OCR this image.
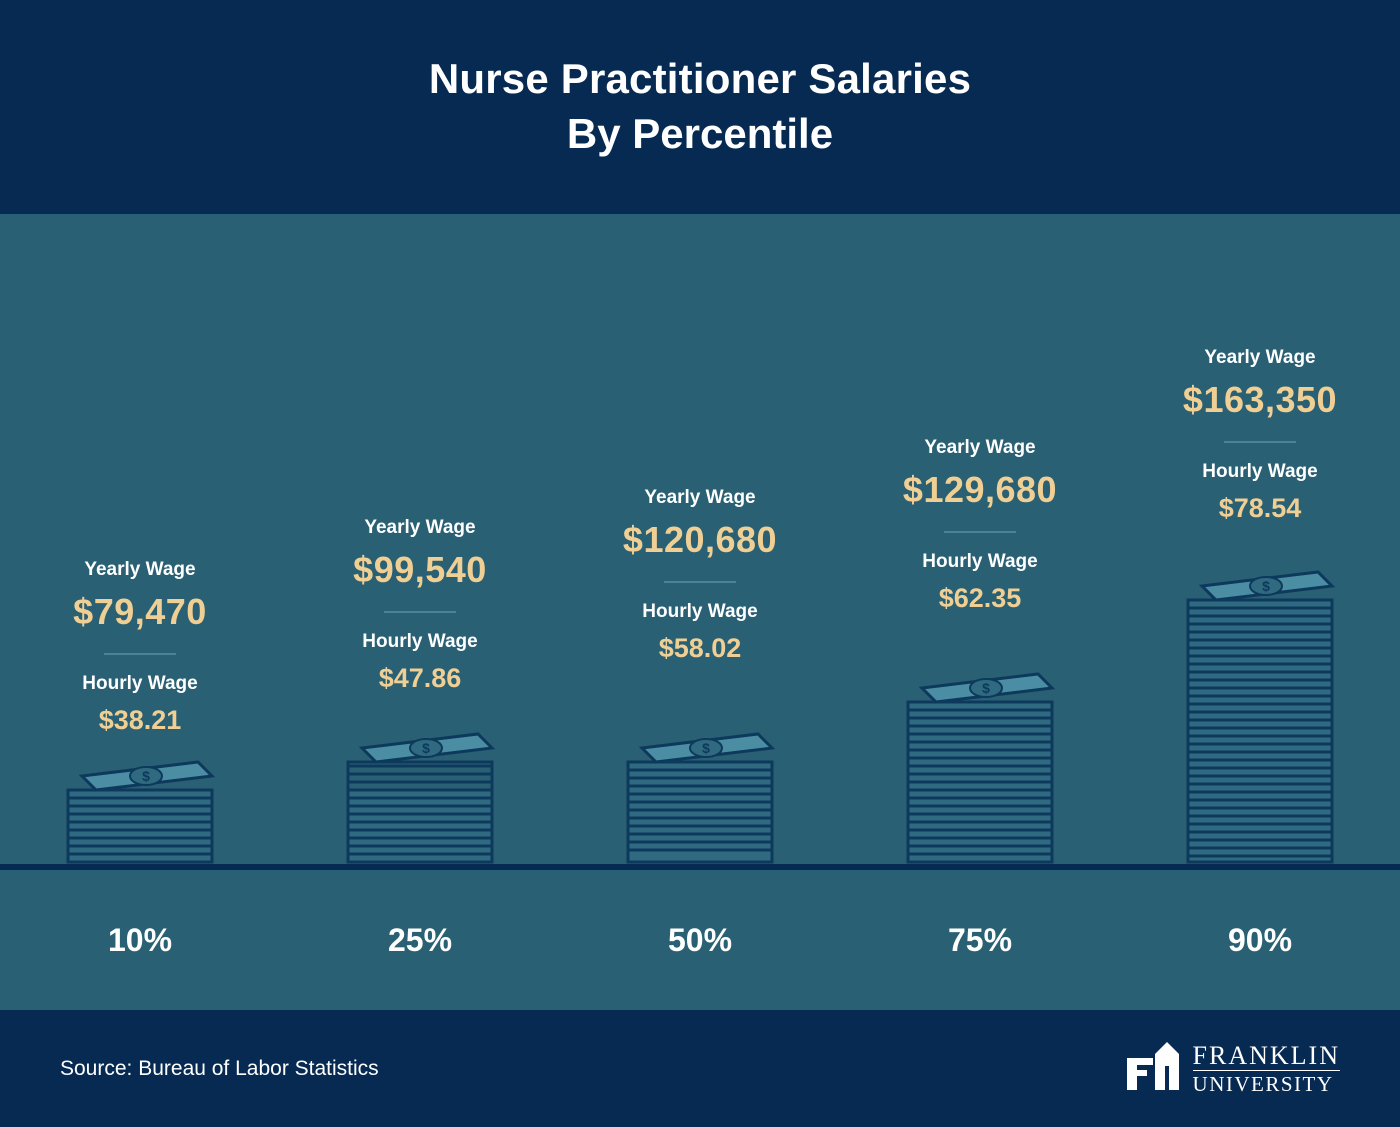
Nurse Practitioner Salaries
By Percentile
Yearly Wage
$79,470
Hourly Wage
$38.21
$
Yearly Wage
$99,540
Hourly Wage
$47.86
$
Yearly Wage
$120,680
Hourly Wage
$58.02
$
Yearly Wage
$129,680
Hourly Wage
$62.35
$
Yearly Wage
$163,350
Hourly Wage
$78.54
$
10%	25%	50%	75%	90%
Source: Bureau of Labor Statistics	FRANKLIN
UNIVERSITY
